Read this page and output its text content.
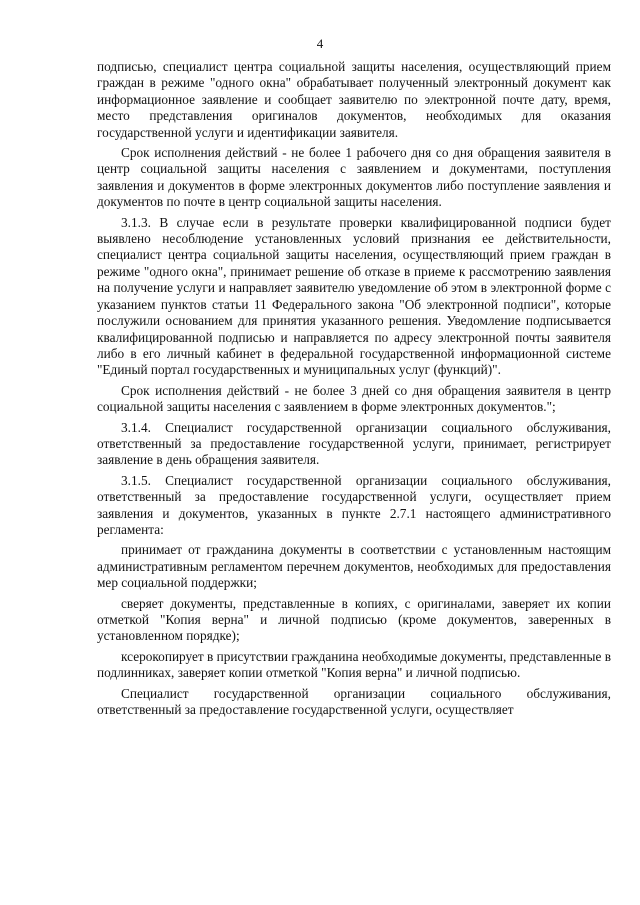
4

подписью, специалист центра социальной защиты населения, осуществляющий прием граждан в режиме "одного окна" обрабатывает полученный электронный документ как информационное заявление и сообщает заявителю по электронной почте дату, время, место представления оригиналов документов, необходимых для оказания государственной услуги и идентификации заявителя.

Срок исполнения действий - не более 1 рабочего дня со дня обращения заявителя в центр социальной защиты населения с заявлением и документами, поступления заявления и документов в форме электронных документов либо поступление заявления и документов по почте в центр социальной защиты населения.

3.1.3. В случае если в результате проверки квалифицированной подписи будет выявлено несоблюдение установленных условий признания ее действительности, специалист центра социальной защиты населения, осуществляющий прием граждан в режиме "одного окна", принимает решение об отказе в приеме к рассмотрению заявления на получение услуги и направляет заявителю уведомление об этом в электронной форме с указанием пунктов статьи 11 Федерального закона "Об электронной подписи", которые послужили основанием для принятия указанного решения. Уведомление подписывается квалифицированной подписью и направляется по адресу электронной почты заявителя либо в его личный кабинет в федеральной государственной информационной системе "Единый портал государственных и муниципальных услуг (функций)".

Срок исполнения действий - не более 3 дней со дня обращения заявителя в центр социальной защиты населения с заявлением в форме электронных документов.";

3.1.4. Специалист государственной организации социального обслуживания, ответственный за предоставление государственной услуги, принимает, регистрирует заявление в день обращения заявителя.

3.1.5. Специалист государственной организации социального обслуживания, ответственный за предоставление государственной услуги, осуществляет прием заявления и документов, указанных в пункте 2.7.1 настоящего административного регламента:

принимает от гражданина документы в соответствии с установленным настоящим административным регламентом перечнем документов, необходимых для предоставления мер социальной поддержки;

сверяет документы, представленные в копиях, с оригиналами, заверяет их копии отметкой "Копия верна" и личной подписью (кроме документов, заверенных в установленном порядке);

ксерокопирует в присутствии гражданина необходимые документы, представленные в подлинниках, заверяет копии отметкой "Копия верна" и личной подписью.

Специалист государственной организации социального обслуживания, ответственный за предоставление государственной услуги, осуществляет
